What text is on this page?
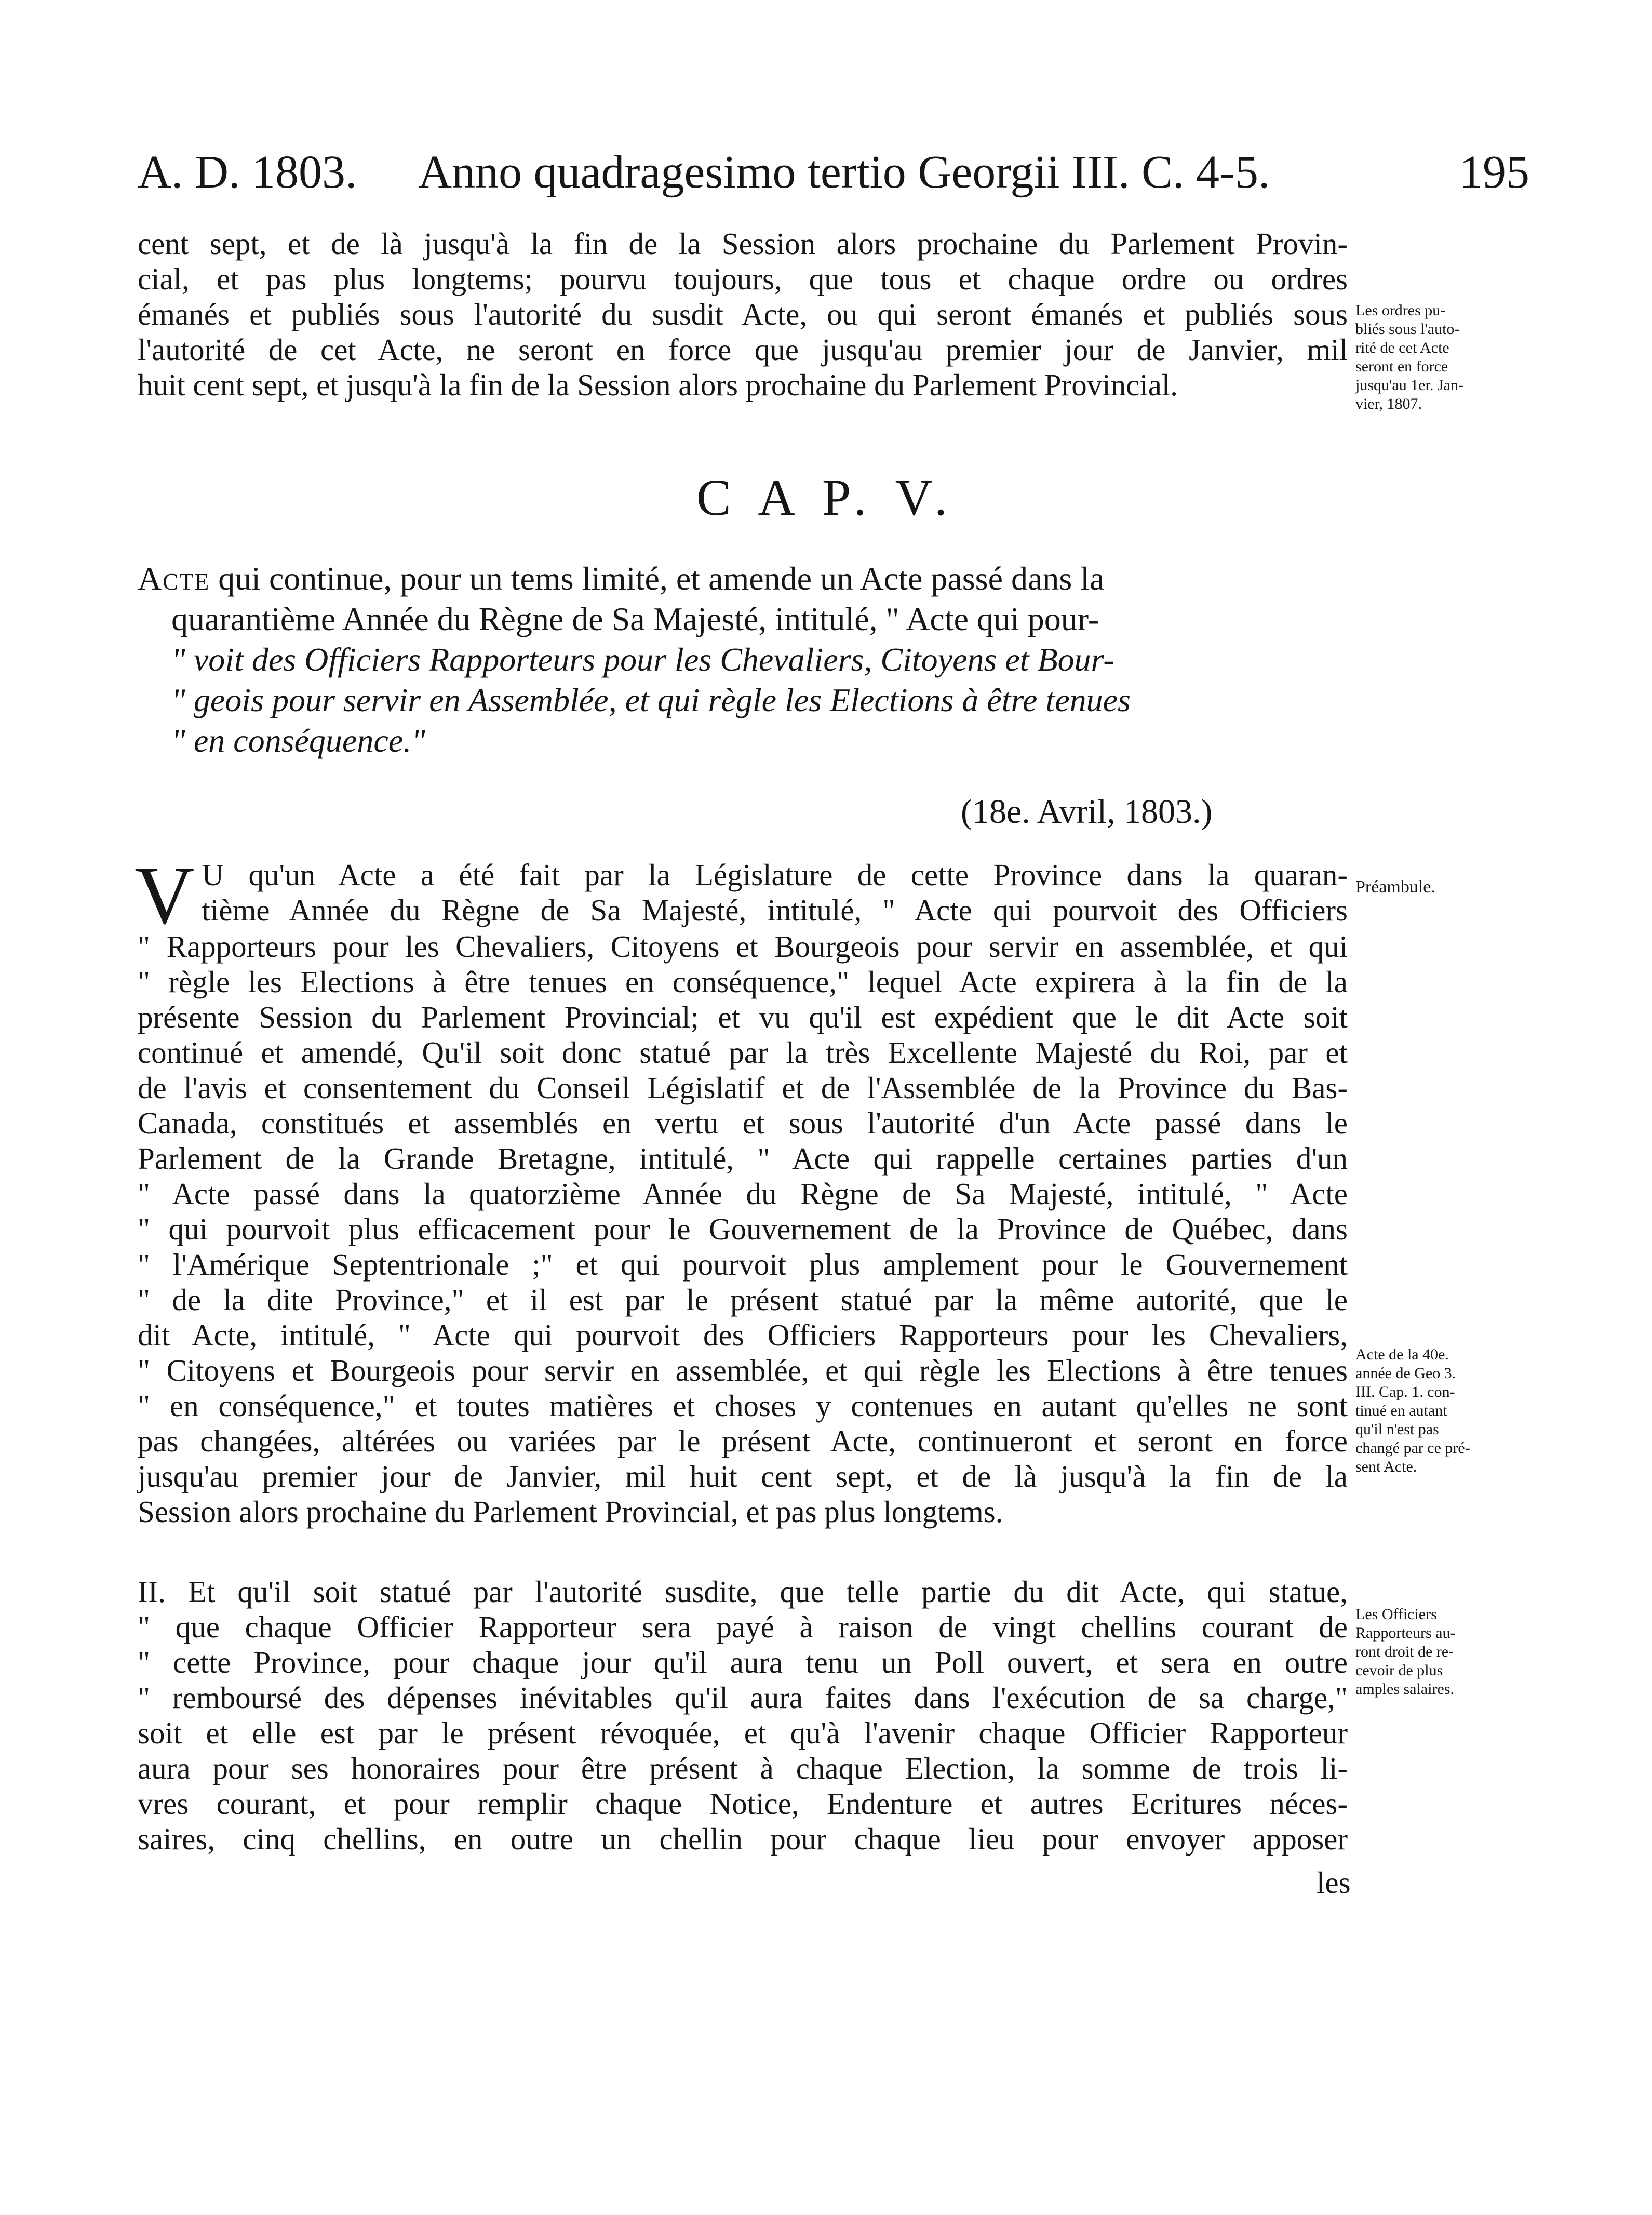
A. D. 1803. Anno quadragesimo tertio Georgii III. C. 4-5.	195
cent sept, et de là jusqu'à la fin de la Session alors prochaine du Parlement Provin-
cial, et pas plus longtems; pourvu toujours, que tous et chaque ordre ou ordres
émanés et publiés sous l'autorité du susdit Acte, ou qui seront émanés et publiés sous
l'autorité de cet Acte, ne seront en force que jusqu'au premier jour de Janvier, mil
huit cent sept, et jusqu'à la fin de la Session alors prochaine du Parlement Provincial.
Les ordres pu-
bliés sous l'auto-
rité de cet Acte
seront en force
jusqu'au 1er. Jan-
vier, 1807.
C A P. V.
Acte qui continue, pour un tems limité, et amende un Acte passé dans la
quarantième Année du Règne de Sa Majesté, intitulé, " Acte qui pour-
" voit des Officiers Rapporteurs pour les Chevaliers, Citoyens et Bour-
" geois pour servir en Assemblée, et qui règle les Elections à être tenues
" en conséquence."
(18e. Avril, 1803.)
V U qu'un Acte a été fait par la Législature de cette Province dans la quaran-
tième Année du Règne de Sa Majesté, intitulé, " Acte qui pourvoit des Officiers
" Rapporteurs pour les Chevaliers, Citoyens et Bourgeois pour servir en assemblée, et qui
" règle les Elections à être tenues en conséquence," lequel Acte expirera à la fin de la
présente Session du Parlement Provincial; et vu qu'il est expédient que le dit Acte soit
continué et amendé, Qu'il soit donc statué par la très Excellente Majesté du Roi, par et
de l'avis et consentement du Conseil Législatif et de l'Assemblée de la Province du Bas-
Canada, constitués et assemblés en vertu et sous l'autorité d'un Acte passé dans le
Parlement de la Grande Bretagne, intitulé, " Acte qui rappelle certaines parties d'un
" Acte passé dans la quatorzième Année du Règne de Sa Majesté, intitulé, " Acte
" qui pourvoit plus efficacement pour le Gouvernement de la Province de Québec, dans
" l'Amérique Septentrionale ;" et qui pourvoit plus amplement pour le Gouvernement
" de la dite Province," et il est par le présent statué par la même autorité, que le
dit Acte, intitulé, " Acte qui pourvoit des Officiers Rapporteurs pour les Chevaliers,
" Citoyens et Bourgeois pour servir en assemblée, et qui règle les Elections à être tenues
" en conséquence," et toutes matières et choses y contenues en autant qu'elles ne sont
pas changées, altérées ou variées par le présent Acte, continueront et seront en force
jusqu'au premier jour de Janvier, mil huit cent sept, et de là jusqu'à la fin de la
Session alors prochaine du Parlement Provincial, et pas plus longtems.
Préambule.
Acte de la 40e.
année de Geo 3.
III. Cap. 1. con-
tinué en autant
qu'il n'est pas
changé par ce pré-
sent Acte.
II. Et qu'il soit statué par l'autorité susdite, que telle partie du dit Acte, qui statue,
" que chaque Officier Rapporteur sera payé à raison de vingt chellins courant de
" cette Province, pour chaque jour qu'il aura tenu un Poll ouvert, et sera en outre
" remboursé des dépenses inévitables qu'il aura faites dans l'exécution de sa charge,"
soit et elle est par le présent révoquée, et qu'à l'avenir chaque Officier Rapporteur
aura pour ses honoraires pour être présent à chaque Election, la somme de trois li-
vres courant, et pour remplir chaque Notice, Endenture et autres Ecritures néces-
saires, cinq chellins, en outre un chellin pour chaque lieu pour envoyer apposer
les
Les Officiers
Rapporteurs au-
ront droit de re-
cevoir de plus
amples salaires.
